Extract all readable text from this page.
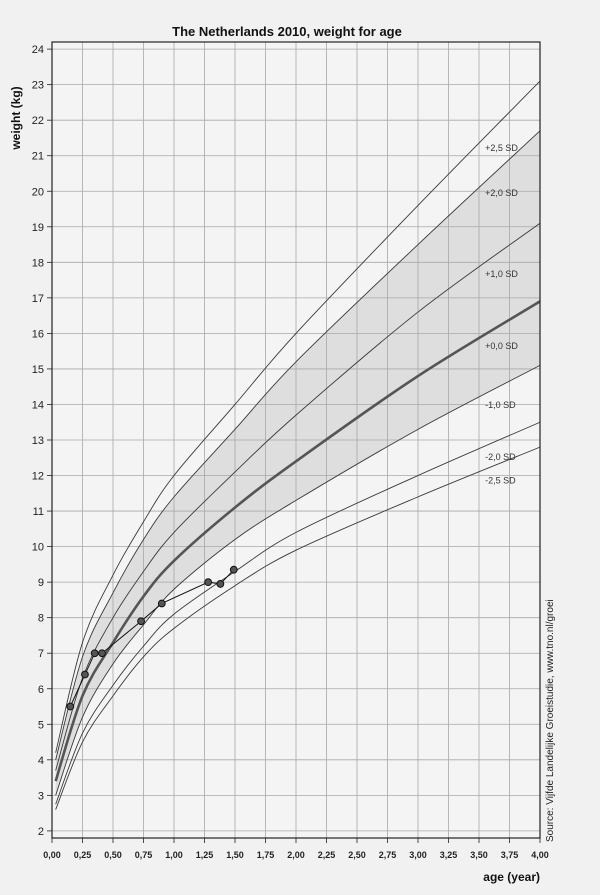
The Netherlands 2010, weight for age
weight (kg)
age (year)
Source: Vijfde Landelijke Groeistudie, www.tno.nl/groei
+2,5 SD
+2,0 SD
+1,0 SD
+0,0 SD
-1,0 SD
-2,0 SD
-2,5 SD
2
3
4
5
6
7
8
9
10
11
12
13
14
15
16
17
18
19
20
21
22
23
24
0,00 0,25 0,50 0,75 1,00 1,25 1,50 1,75 2,00 2,25 2,50 2,75 3,00 3,25 3,50 3,75 4,00
